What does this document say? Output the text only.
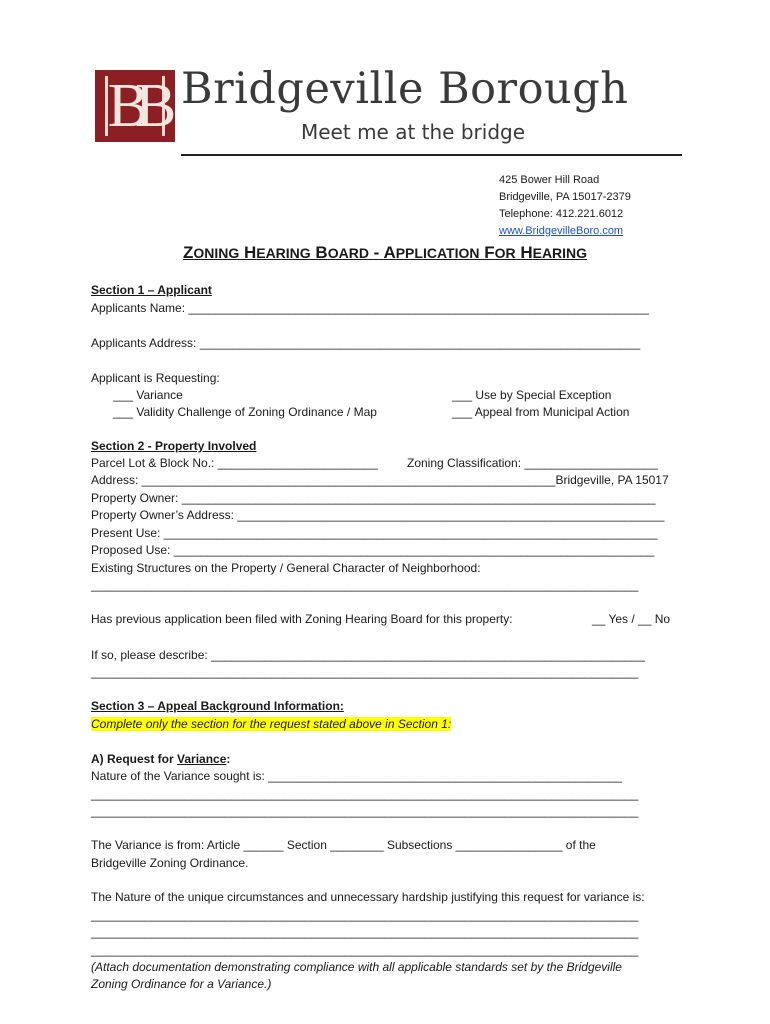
BB Bridgeville Borough
Meet me at the bridge
425 Bower Hill Road
Bridgeville, PA 15017-2379
Telephone: 412.221.6012
www.BridgevilleBoro.com
ZONING HEARING BOARD - APPLICATION FOR HEARING
Section 1 – Applicant
Applicants Name: _____________________________________________________________________
Applicants Address: __________________________________________________________________
Applicant is Requesting:
___ Variance
___ Validity Challenge of Zoning Ordinance / Map
___ Use by Special Exception
___ Appeal from Municipal Action
Section 2 - Property Involved
Parcel Lot & Block No.: ________________________ Zoning Classification: ____________________
Address: ______________________________________________________________Bridgeville, PA 15017
Property Owner: _______________________________________________________________________
Property Owner’s Address: ________________________________________________________________
Present Use: __________________________________________________________________________
Proposed Use: ________________________________________________________________________
Existing Structures on the Property / General Character of Neighborhood:
__________________________________________________________________________________
Has previous application been filed with Zoning Hearing Board for this property:	__ Yes / __ No
If so, please describe: _________________________________________________________________
__________________________________________________________________________________
Section 3 – Appeal Background Information:
Complete only the section for the request stated above in Section 1:
A) Request for Variance:
Nature of the Variance sought is: _____________________________________________________
__________________________________________________________________________________
__________________________________________________________________________________
The Variance is from: Article ______ Section ________ Subsections ________________ of the
Bridgeville Zoning Ordinance.
The Nature of the unique circumstances and unnecessary hardship justifying this request for variance is:
__________________________________________________________________________________
__________________________________________________________________________________
__________________________________________________________________________________
(Attach documentation demonstrating compliance with all applicable standards set by the Bridgeville
Zoning Ordinance for a Variance.)
